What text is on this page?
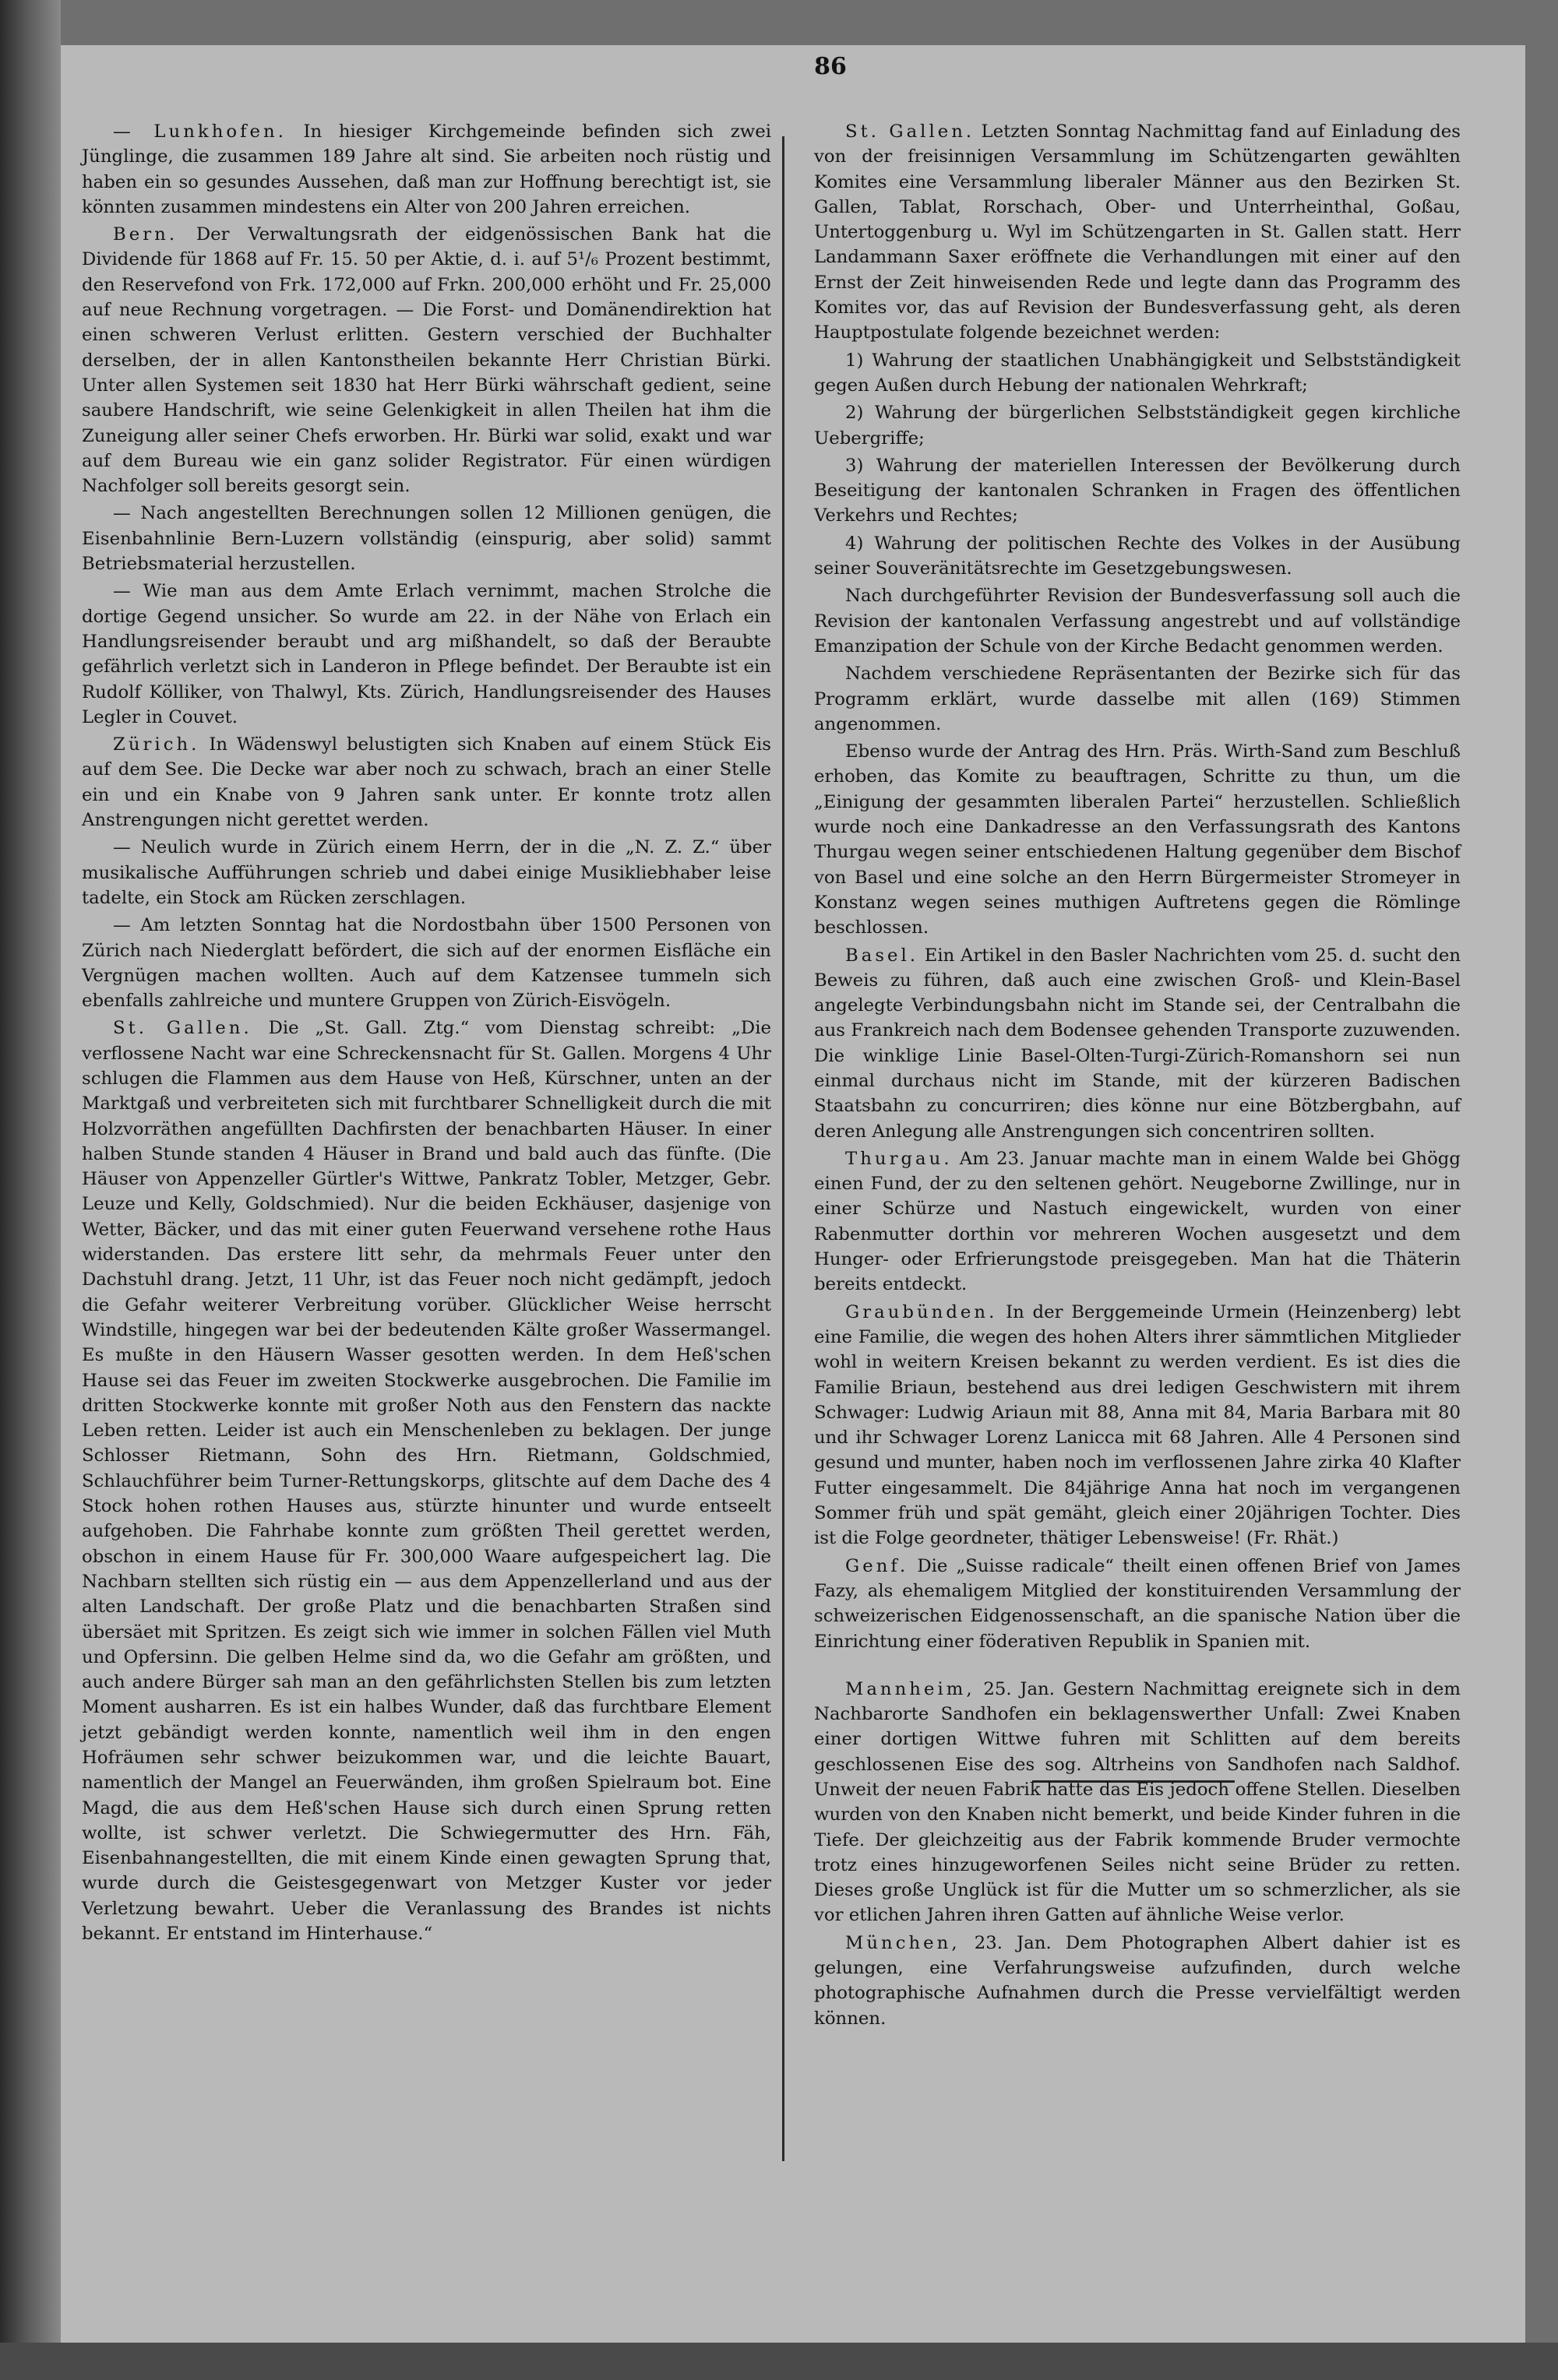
86

— Lunkhofen. In hiesiger Kirchgemeinde befinden sich zwei Jünglinge, die zusammen 189 Jahre alt sind. Sie arbeiten noch rüstig und haben ein so gesundes Aussehen, daß man zur Hoffnung berechtigt ist, sie könnten zusammen mindestens ein Alter von 200 Jahren erreichen.

Bern. Der Verwaltungsrath der eidgenössischen Bank hat die Dividende für 1868 auf Fr. 15. 50 per Aktie, d. i. auf 5¹/₆ Prozent bestimmt, den Reservefond von Frk. 172,000 auf Frkn. 200,000 erhöht und Fr. 25,000 auf neue Rechnung vorgetragen. — Die Forst- und Domänendirektion hat einen schweren Verlust erlitten. Gestern verschied der Buchhalter derselben, der in allen Kantonstheilen bekannte Herr Christian Bürki. Unter allen Systemen seit 1830 hat Herr Bürki währschaft gedient, seine saubere Handschrift, wie seine Gelenkigkeit in allen Theilen hat ihm die Zuneigung aller seiner Chefs erworben. Hr. Bürki war solid, exakt und war auf dem Bureau wie ein ganz solider Registrator. Für einen würdigen Nachfolger soll bereits gesorgt sein.

— Nach angestellten Berechnungen sollen 12 Millionen genügen, die Eisenbahnlinie Bern-Luzern vollständig (einspurig, aber solid) sammt Betriebsmaterial herzustellen.

— Wie man aus dem Amte Erlach vernimmt, machen Strolche die dortige Gegend unsicher. So wurde am 22. in der Nähe von Erlach ein Handlungsreisender beraubt und arg mißhandelt, so daß der Beraubte gefährlich verletzt sich in Landeron in Pflege befindet. Der Beraubte ist ein Rudolf Kölliker, von Thalwyl, Kts. Zürich, Handlungsreisender des Hauses Legler in Couvet.

Zürich. In Wädenswyl belustigten sich Knaben auf einem Stück Eis auf dem See. Die Decke war aber noch zu schwach, brach an einer Stelle ein und ein Knabe von 9 Jahren sank unter. Er konnte trotz allen Anstrengungen nicht gerettet werden.

— Neulich wurde in Zürich einem Herrn, der in die „N. Z. Z.“ über musikalische Aufführungen schrieb und dabei einige Musikliebhaber leise tadelte, ein Stock am Rücken zerschlagen.

— Am letzten Sonntag hat die Nordostbahn über 1500 Personen von Zürich nach Niederglatt befördert, die sich auf der enormen Eisfläche ein Vergnügen machen wollten. Auch auf dem Katzensee tummeln sich ebenfalls zahlreiche und muntere Gruppen von Zürich-Eisvögeln.

St. Gallen. Die „St. Gall. Ztg.“ vom Dienstag schreibt: „Die verflossene Nacht war eine Schreckensnacht für St. Gallen. Morgens 4 Uhr schlugen die Flammen aus dem Hause von Heß, Kürschner, unten an der Marktgaß und verbreiteten sich mit furchtbarer Schnelligkeit durch die mit Holzvorräthen angefüllten Dachfirsten der benachbarten Häuser. In einer halben Stunde standen 4 Häuser in Brand und bald auch das fünfte. (Die Häuser von Appenzeller Gürtler's Wittwe, Pankratz Tobler, Metzger, Gebr. Leuze und Kelly, Goldschmied). Nur die beiden Eckhäuser, dasjenige von Wetter, Bäcker, und das mit einer guten Feuerwand versehene rothe Haus widerstanden. Das erstere litt sehr, da mehrmals Feuer unter den Dachstuhl drang. Jetzt, 11 Uhr, ist das Feuer noch nicht gedämpft, jedoch die Gefahr weiterer Verbreitung vorüber. Glücklicher Weise herrscht Windstille, hingegen war bei der bedeutenden Kälte großer Wassermangel. Es mußte in den Häusern Wasser gesotten werden. In dem Heß'schen Hause sei das Feuer im zweiten Stockwerke ausgebrochen. Die Familie im dritten Stockwerke konnte mit großer Noth aus den Fenstern das nackte Leben retten. Leider ist auch ein Menschenleben zu beklagen. Der junge Schlosser Rietmann, Sohn des Hrn. Rietmann, Goldschmied, Schlauchführer beim Turner-Rettungskorps, glitschte auf dem Dache des 4 Stock hohen rothen Hauses aus, stürzte hinunter und wurde entseelt aufgehoben. Die Fahrhabe konnte zum größten Theil gerettet werden, obschon in einem Hause für Fr. 300,000 Waare aufgespeichert lag. Die Nachbarn stellten sich rüstig ein — aus dem Appenzellerland und aus der alten Landschaft. Der große Platz und die benachbarten Straßen sind übersäet mit Spritzen. Es zeigt sich wie immer in solchen Fällen viel Muth und Opfersinn. Die gelben Helme sind da, wo die Gefahr am größten, und auch andere Bürger sah man an den gefährlichsten Stellen bis zum letzten Moment ausharren. Es ist ein halbes Wunder, daß das furchtbare Element jetzt gebändigt werden konnte, namentlich weil ihm in den engen Hofräumen sehr schwer beizukommen war, und die leichte Bauart, namentlich der Mangel an Feuerwänden, ihm großen Spielraum bot. Eine Magd, die aus dem Heß'schen Hause sich durch einen Sprung retten wollte, ist schwer verletzt. Die Schwiegermutter des Hrn. Fäh, Eisenbahnangestellten, die mit einem Kinde einen gewagten Sprung that, wurde durch die Geistesgegenwart von Metzger Kuster vor jeder Verletzung bewahrt. Ueber die Veranlassung des Brandes ist nichts bekannt. Er entstand im Hinterhause.“

St. Gallen. Letzten Sonntag Nachmittag fand auf Einladung des von der freisinnigen Versammlung im Schützengarten gewählten Komites eine Versammlung liberaler Männer aus den Bezirken St. Gallen, Tablat, Rorschach, Ober- und Unterrheinthal, Goßau, Untertoggenburg u. Wyl im Schützengarten in St. Gallen statt. Herr Landammann Saxer eröffnete die Verhandlungen mit einer auf den Ernst der Zeit hinweisenden Rede und legte dann das Programm des Komites vor, das auf Revision der Bundesverfassung geht, als deren Hauptpostulate folgende bezeichnet werden:

1) Wahrung der staatlichen Unabhängigkeit und Selbstständigkeit gegen Außen durch Hebung der nationalen Wehrkraft;

2) Wahrung der bürgerlichen Selbstständigkeit gegen kirchliche Uebergriffe;

3) Wahrung der materiellen Interessen der Bevölkerung durch Beseitigung der kantonalen Schranken in Fragen des öffentlichen Verkehrs und Rechtes;

4) Wahrung der politischen Rechte des Volkes in der Ausübung seiner Souveränitätsrechte im Gesetzgebungswesen.

Nach durchgeführter Revision der Bundesverfassung soll auch die Revision der kantonalen Verfassung angestrebt und auf vollständige Emanzipation der Schule von der Kirche Bedacht genommen werden.

Nachdem verschiedene Repräsentanten der Bezirke sich für das Programm erklärt, wurde dasselbe mit allen (169) Stimmen angenommen.

Ebenso wurde der Antrag des Hrn. Präs. Wirth-Sand zum Beschluß erhoben, das Komite zu beauftragen, Schritte zu thun, um die „Einigung der gesammten liberalen Partei“ herzustellen. Schließlich wurde noch eine Dankadresse an den Verfassungsrath des Kantons Thurgau wegen seiner entschiedenen Haltung gegenüber dem Bischof von Basel und eine solche an den Herrn Bürgermeister Stromeyer in Konstanz wegen seines muthigen Auftretens gegen die Römlinge beschlossen.

Basel. Ein Artikel in den Basler Nachrichten vom 25. d. sucht den Beweis zu führen, daß auch eine zwischen Groß- und Klein-Basel angelegte Verbindungsbahn nicht im Stande sei, der Centralbahn die aus Frankreich nach dem Bodensee gehenden Transporte zuzuwenden. Die winklige Linie Basel-Olten-Turgi-Zürich-Romanshorn sei nun einmal durchaus nicht im Stande, mit der kürzeren Badischen Staatsbahn zu concurriren; dies könne nur eine Bötzbergbahn, auf deren Anlegung alle Anstrengungen sich concentriren sollten.

Thurgau. Am 23. Januar machte man in einem Walde bei Ghögg einen Fund, der zu den seltenen gehört. Neugeborne Zwillinge, nur in einer Schürze und Nastuch eingewickelt, wurden von einer Rabenmutter dorthin vor mehreren Wochen ausgesetzt und dem Hunger- oder Erfrierungstode preisgegeben. Man hat die Thäterin bereits entdeckt.

Graubünden. In der Berggemeinde Urmein (Heinzenberg) lebt eine Familie, die wegen des hohen Alters ihrer sämmtlichen Mitglieder wohl in weitern Kreisen bekannt zu werden verdient. Es ist dies die Familie Briaun, bestehend aus drei ledigen Geschwistern mit ihrem Schwager: Ludwig Ariaun mit 88, Anna mit 84, Maria Barbara mit 80 und ihr Schwager Lorenz Lanicca mit 68 Jahren. Alle 4 Personen sind gesund und munter, haben noch im verflossenen Jahre zirka 40 Klafter Futter eingesammelt. Die 84jährige Anna hat noch im vergangenen Sommer früh und spät gemäht, gleich einer 20jährigen Tochter. Dies ist die Folge geordneter, thätiger Lebensweise! (Fr. Rhät.)

Genf. Die „Suisse radicale“ theilt einen offenen Brief von James Fazy, als ehemaligem Mitglied der konstituirenden Versammlung der schweizerischen Eidgenossenschaft, an die spanische Nation über die Einrichtung einer föderativen Republik in Spanien mit.

Mannheim, 25. Jan. Gestern Nachmittag ereignete sich in dem Nachbarorte Sandhofen ein beklagenswerther Unfall: Zwei Knaben einer dortigen Wittwe fuhren mit Schlitten auf dem bereits geschlossenen Eise des sog. Altrheins von Sandhofen nach Saldhof. Unweit der neuen Fabrik hatte das Eis jedoch offene Stellen. Dieselben wurden von den Knaben nicht bemerkt, und beide Kinder fuhren in die Tiefe. Der gleichzeitig aus der Fabrik kommende Bruder vermochte trotz eines hinzugeworfenen Seiles nicht seine Brüder zu retten. Dieses große Unglück ist für die Mutter um so schmerzlicher, als sie vor etlichen Jahren ihren Gatten auf ähnliche Weise verlor.

München, 23. Jan. Dem Photographen Albert dahier ist es gelungen, eine Verfahrungsweise aufzufinden, durch welche photographische Aufnahmen durch die Presse vervielfältigt werden können.
